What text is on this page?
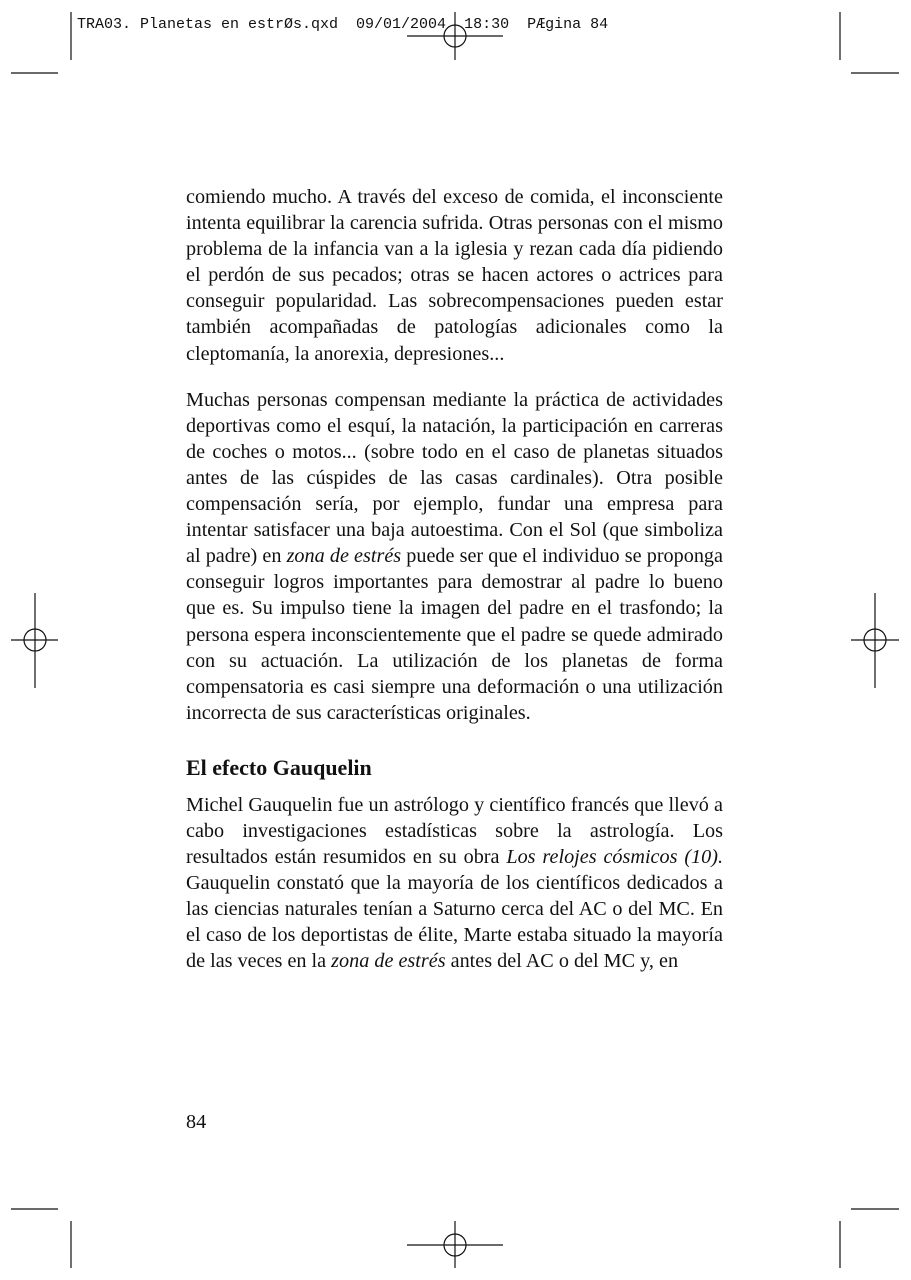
TRA03. Planetas en estrØs.qxd  09/01/2004  18:30  PÆgina 84

comiendo mucho. A través del exceso de comida, el inconsciente intenta equilibrar la carencia sufrida. Otras personas con el mismo problema de la infancia van a la iglesia y rezan cada día pidiendo el perdón de sus pecados; otras se hacen actores o actrices para conseguir popularidad. Las sobrecompensaciones pueden estar también acompañadas de patologías adicionales como la cleptomanía, la anorexia, depresiones...

Muchas personas compensan mediante la práctica de actividades deportivas como el esquí, la natación, la participación en carreras de coches o motos... (sobre todo en el caso de planetas situados antes de las cúspides de las casas cardinales). Otra posible compensación sería, por ejemplo, fundar una empresa para intentar satisfacer una baja autoestima. Con el Sol (que simboliza al padre) en zona de estrés puede ser que el individuo se proponga conseguir logros importantes para demostrar al padre lo bueno que es. Su impulso tiene la imagen del padre en el trasfondo; la persona espera inconscientemente que el padre se quede admirado con su actuación. La utilización de los planetas de forma compensatoria es casi siempre una deformación o una utilización incorrecta de sus características originales.

El efecto Gauquelin

Michel Gauquelin fue un astrólogo y científico francés que llevó a cabo investigaciones estadísticas sobre la astrología. Los resultados están resumidos en su obra Los relojes cósmicos (10). Gauquelin constató que la mayoría de los científicos dedicados a las ciencias naturales tenían a Saturno cerca del AC o del MC. En el caso de los deportistas de élite, Marte estaba situado la mayoría de las veces en la zona de estrés antes del AC o del MC y, en

84
